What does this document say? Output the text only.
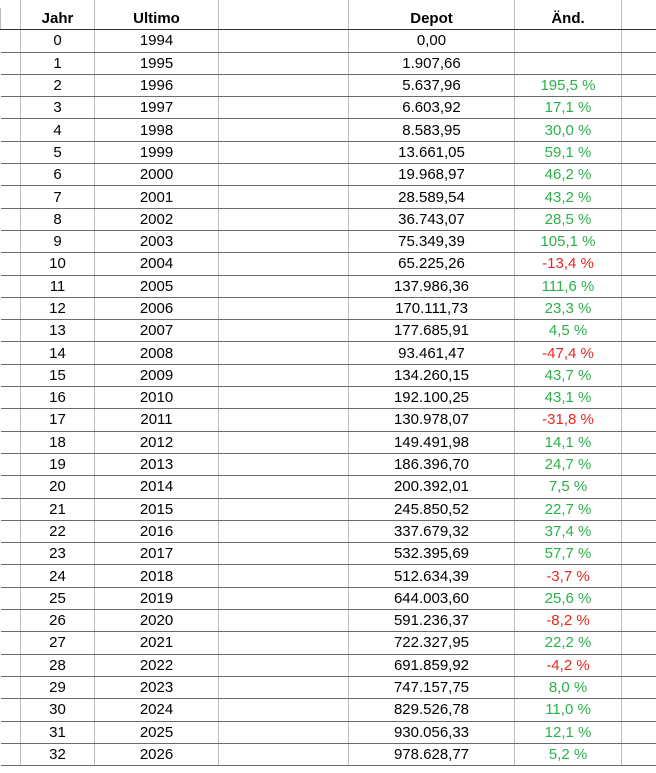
	Jahr	Ultimo		Depot	Änd.	
	0	1994		0,00		
	1	1995		1.907,66		
	2	1996		5.637,96	195,5 %	
	3	1997		6.603,92	17,1 %	
	4	1998		8.583,95	30,0 %	
	5	1999		13.661,05	59,1 %	
	6	2000		19.968,97	46,2 %	
	7	2001		28.589,54	43,2 %	
	8	2002		36.743,07	28,5 %	
	9	2003		75.349,39	105,1 %	
	10	2004		65.225,26	-13,4 %	
	11	2005		137.986,36	111,6 %	
	12	2006		170.111,73	23,3 %	
	13	2007		177.685,91	4,5 %	
	14	2008		93.461,47	-47,4 %	
	15	2009		134.260,15	43,7 %	
	16	2010		192.100,25	43,1 %	
	17	2011		130.978,07	-31,8 %	
	18	2012		149.491,98	14,1 %	
	19	2013		186.396,70	24,7 %	
	20	2014		200.392,01	7,5 %	
	21	2015		245.850,52	22,7 %	
	22	2016		337.679,32	37,4 %	
	23	2017		532.395,69	57,7 %	
	24	2018		512.634,39	-3,7 %	
	25	2019		644.003,60	25,6 %	
	26	2020		591.236,37	-8,2 %	
	27	2021		722.327,95	22,2 %	
	28	2022		691.859,92	-4,2 %	
	29	2023		747.157,75	8,0 %	
	30	2024		829.526,78	11,0 %	
	31	2025		930.056,33	12,1 %	
	32	2026		978.628,77	5,2 %	
